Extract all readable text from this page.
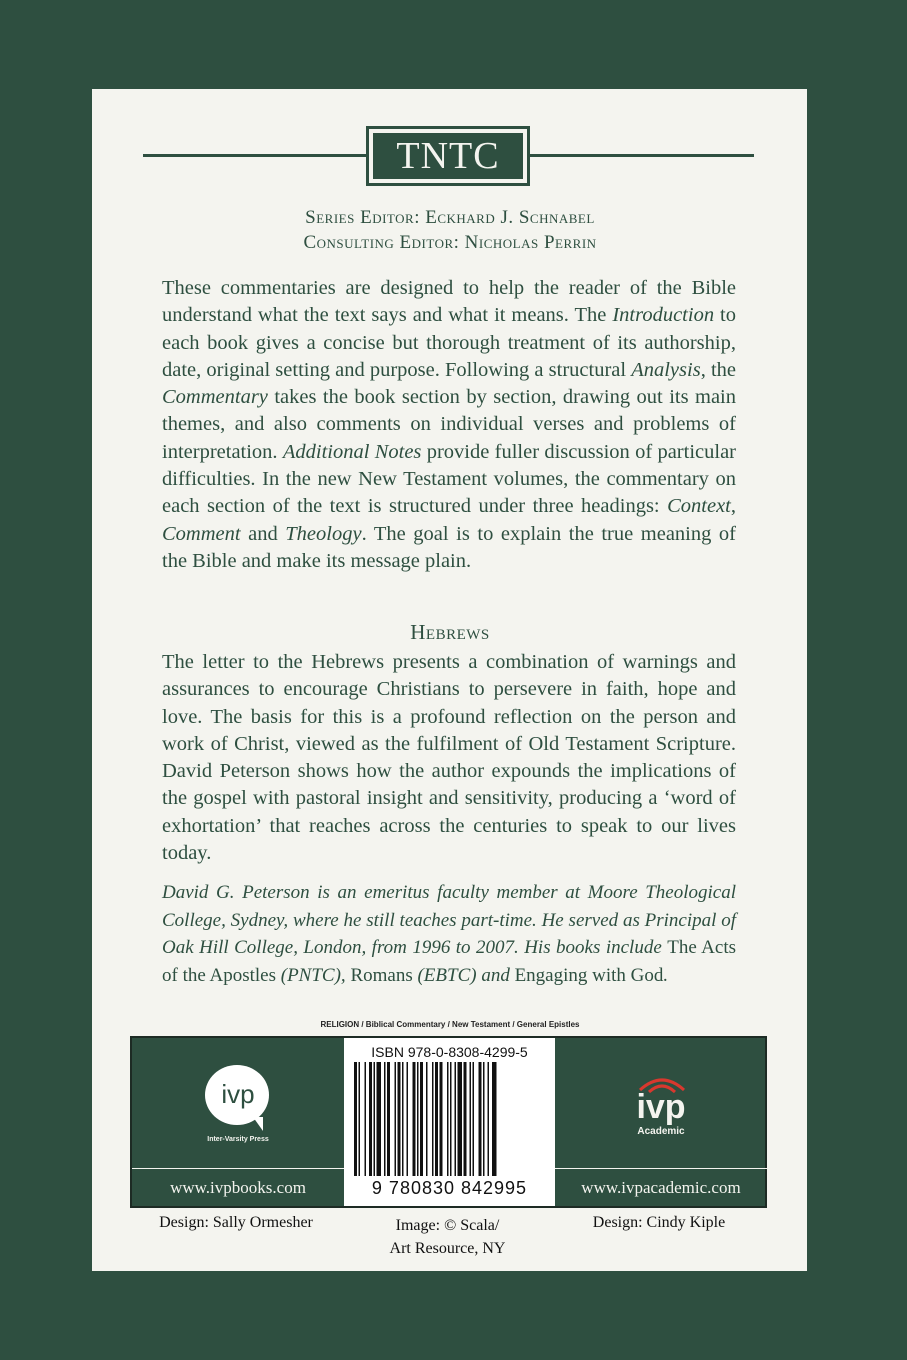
TNTC
Series Editor: Eckhard J. Schnabel
Consulting Editor: Nicholas Perrin

These commentaries are designed to help the reader of the Bible understand what the text says and what it means. The Introduction to each book gives a concise but thorough treatment of its authorship, date, original setting and purpose. Following a structural Analysis, the Commentary takes the book section by section, drawing out its main themes, and also comments on individual verses and problems of interpretation. Additional Notes provide fuller discussion of particular difficulties. In the new New Testament volumes, the commentary on each section of the text is structured under three headings: Context, Comment and Theology. The goal is to explain the true meaning of the Bible and make its message plain.

Hebrews

The letter to the Hebrews presents a combination of warnings and assurances to encourage Christians to persevere in faith, hope and love. The basis for this is a profound reflection on the person and work of Christ, viewed as the fulfilment of Old Testament Scripture. David Peterson shows how the author expounds the implications of the gospel with pastoral insight and sensitivity, producing a ‘word of exhortation’ that reaches across the centuries to speak to our lives today.

David G. Peterson is an emeritus faculty member at Moore Theological College, Sydney, where he still teaches part-time. He served as Principal of Oak Hill College, London, from 1996 to 2007. His books include The Acts of the Apostles (PNTC), Romans (EBTC) and Engaging with God.

RELIGION / Biblical Commentary / New Testament / General Epistles
ivp
Inter-Varsity Press
www.ivpbooks.com
ISBN 978-0-8308-4299-5
9 780830 842995
ivp
Academic
www.ivpacademic.com
Design: Sally Ormesher	Image: © Scala/
Art Resource, NY
Design: Cindy Kiple
